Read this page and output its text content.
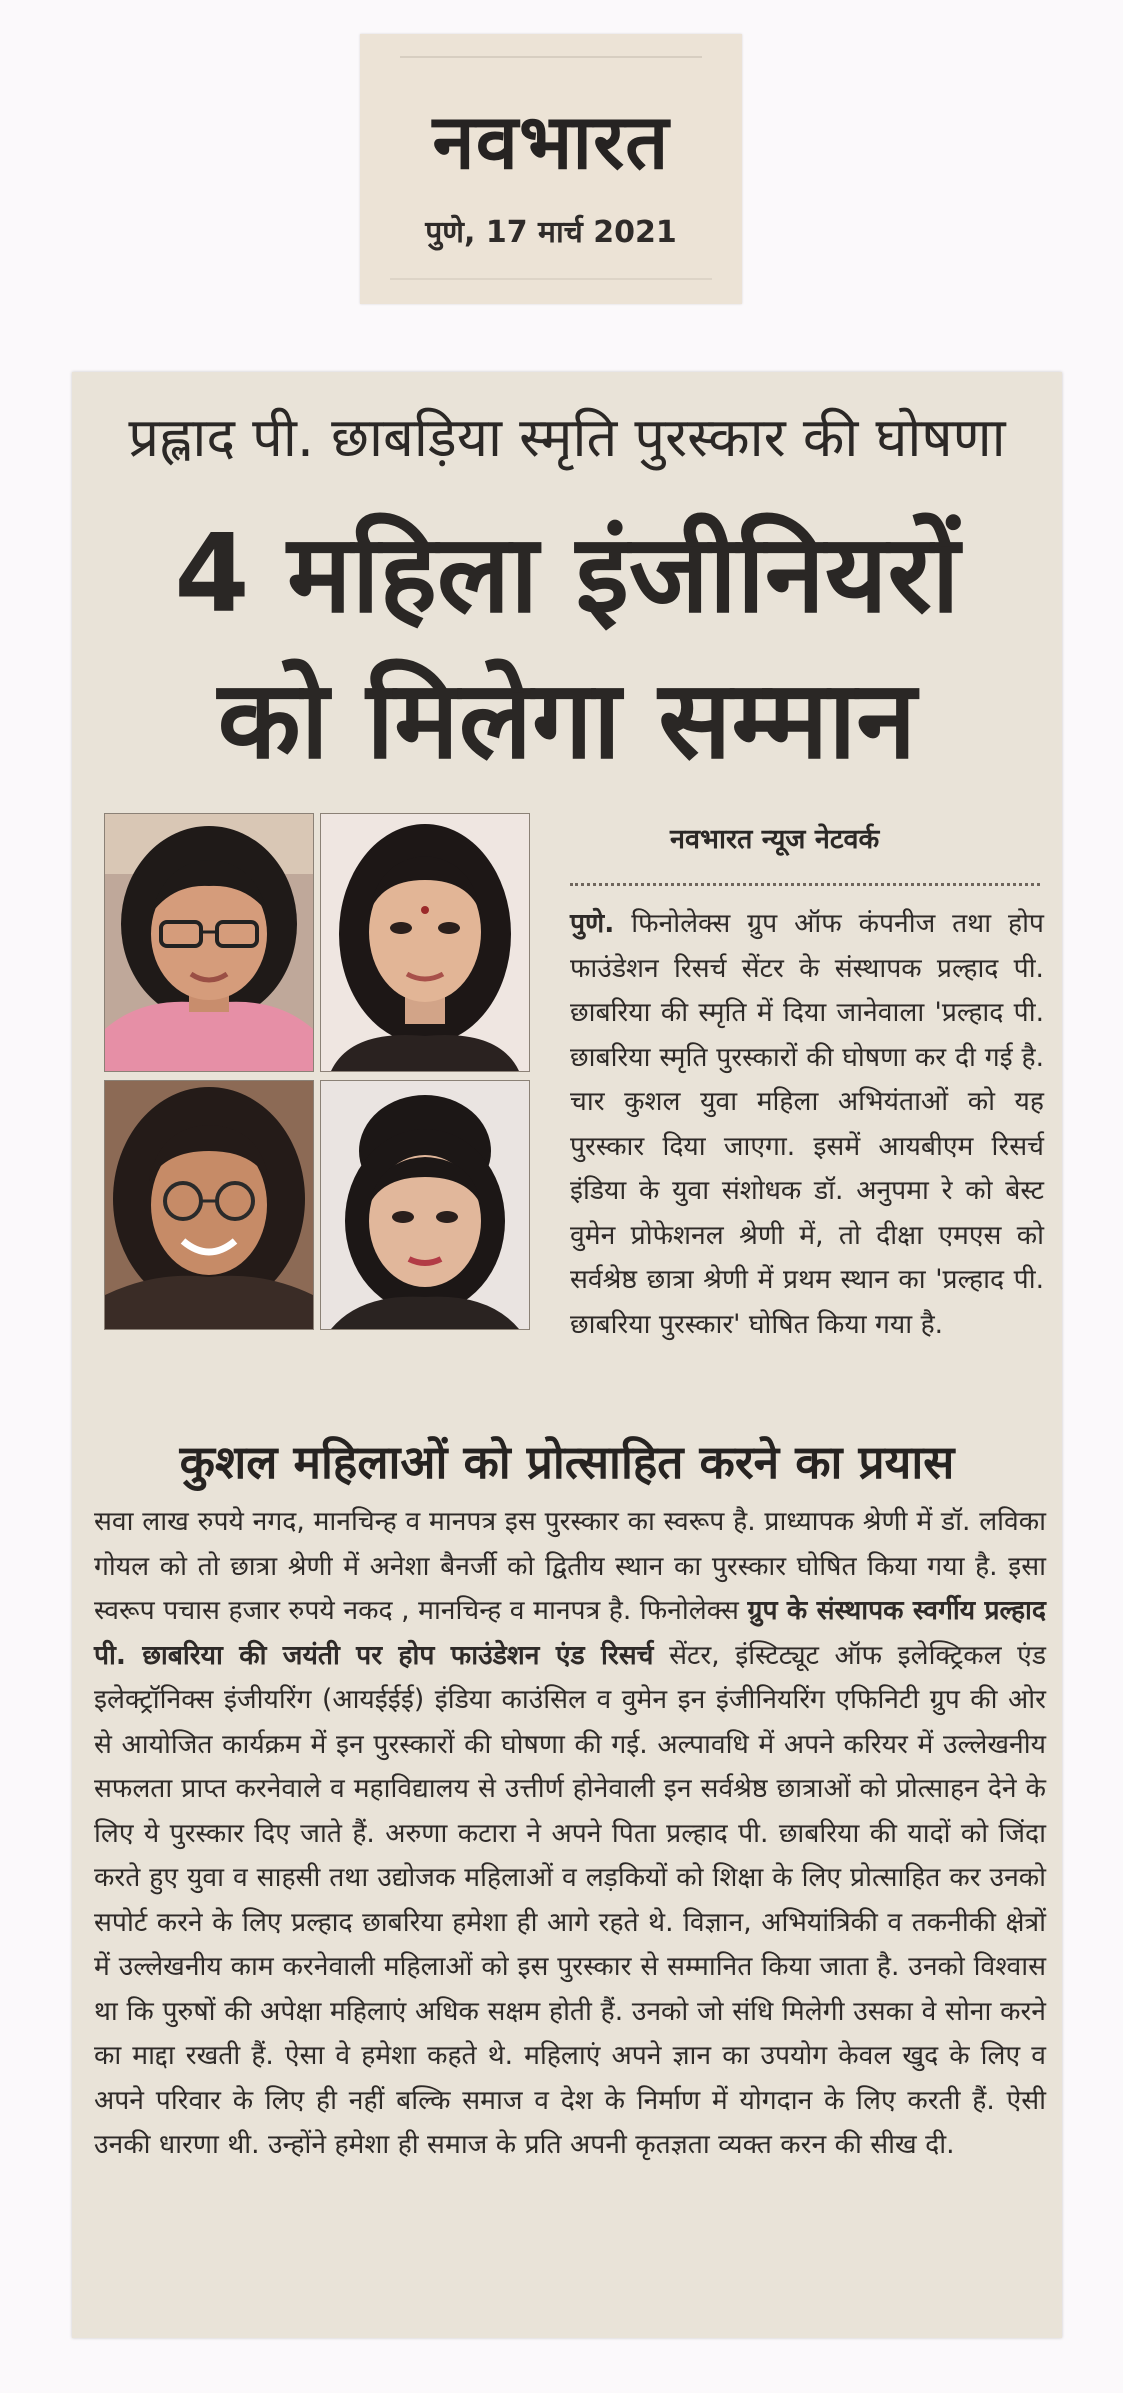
नवभारत
पुणे, 17 मार्च 2021
प्रह्लाद पी. छाबड़िया स्मृति पुरस्कार की घोषणा
4 महिला इंजीनियरों
को मिलेगा सम्मान
नवभारत न्यूज नेटवर्क
पुणे. फिनोलेक्स ग्रुप ऑफ कंपनीज तथा होप फाउंडेशन रिसर्च सेंटर के संस्थापक प्रल्हाद पी. छाबरिया की स्मृति में दिया जानेवाला 'प्रल्हाद पी. छाबरिया स्मृति पुरस्कारों की घोषणा कर दी गई है. चार कुशल युवा महिला अभियंताओं को यह पुरस्कार दिया जाएगा. इसमें आयबीएम रिसर्च इंडिया के युवा संशोधक डॉ. अनुपमा रे को बेस्ट वुमेन प्रोफेशनल श्रेणी में, तो दीक्षा एमएस को सर्वश्रेष्ठ छात्रा श्रेणी में प्रथम स्थान का 'प्रल्हाद पी. छाबरिया पुरस्कार' घोषित किया गया है.
कुशल महिलाओं को प्रोत्साहित करने का प्रयास
सवा लाख रुपये नगद, मानचिन्ह व मानपत्र इस पुरस्कार का स्वरूप है. प्राध्यापक श्रेणी में डॉ. लविका गोयल को तो छात्रा श्रेणी में अनेशा बैनर्जी को द्वितीय स्थान का पुरस्कार घोषित किया गया है. इसा स्वरूप पचास हजार रुपये नकद , मानचिन्ह व मानपत्र है. फिनोलेक्स ग्रुप के संस्थापक स्वर्गीय प्रल्हाद पी. छाबरिया की जयंती पर होप फाउंडेशन एंड रिसर्च सेंटर, इंस्टिट्यूट ऑफ इलेक्ट्रिकल एंड इलेक्ट्रॉनिक्स इंजीयरिंग (आयईईई) इंडिया काउंसिल व वुमेन इन इंजीनियरिंग एफिनिटी ग्रुप की ओर से आयोजित कार्यक्रम में इन पुरस्कारों की घोषणा की गई. अल्पावधि में अपने करियर में उल्लेखनीय सफलता प्राप्त करनेवाले व महाविद्यालय से उत्तीर्ण होनेवाली इन सर्वश्रेष्ठ छात्राओं को प्रोत्साहन देने के लिए ये पुरस्कार दिए जाते हैं. अरुणा कटारा ने अपने पिता प्रल्हाद पी. छाबरिया की यादों को जिंदा करते हुए युवा व साहसी तथा उद्योजक महिलाओं व लड़कियों को शिक्षा के लिए प्रोत्साहित कर उनको सपोर्ट करने के लिए प्रल्हाद छाबरिया हमेशा ही आगे रहते थे. विज्ञान, अभियांत्रिकी व तकनीकी क्षेत्रों में उल्लेखनीय काम करनेवाली महिलाओं को इस पुरस्कार से सम्मानित किया जाता है. उनको विश्वास था कि पुरुषों की अपेक्षा महिलाएं अधिक सक्षम होती हैं. उनको जो संधि मिलेगी उसका वे सोना करने का माद्दा रखती हैं. ऐसा वे हमेशा कहते थे. महिलाएं अपने ज्ञान का उपयोग केवल खुद के लिए व अपने परिवार के लिए ही नहीं बल्कि समाज व देश के निर्माण में योगदान के लिए करती हैं. ऐसी उनकी धारणा थी. उन्होंने हमेशा ही समाज के प्रति अपनी कृतज्ञता व्यक्त करन की सीख दी.
